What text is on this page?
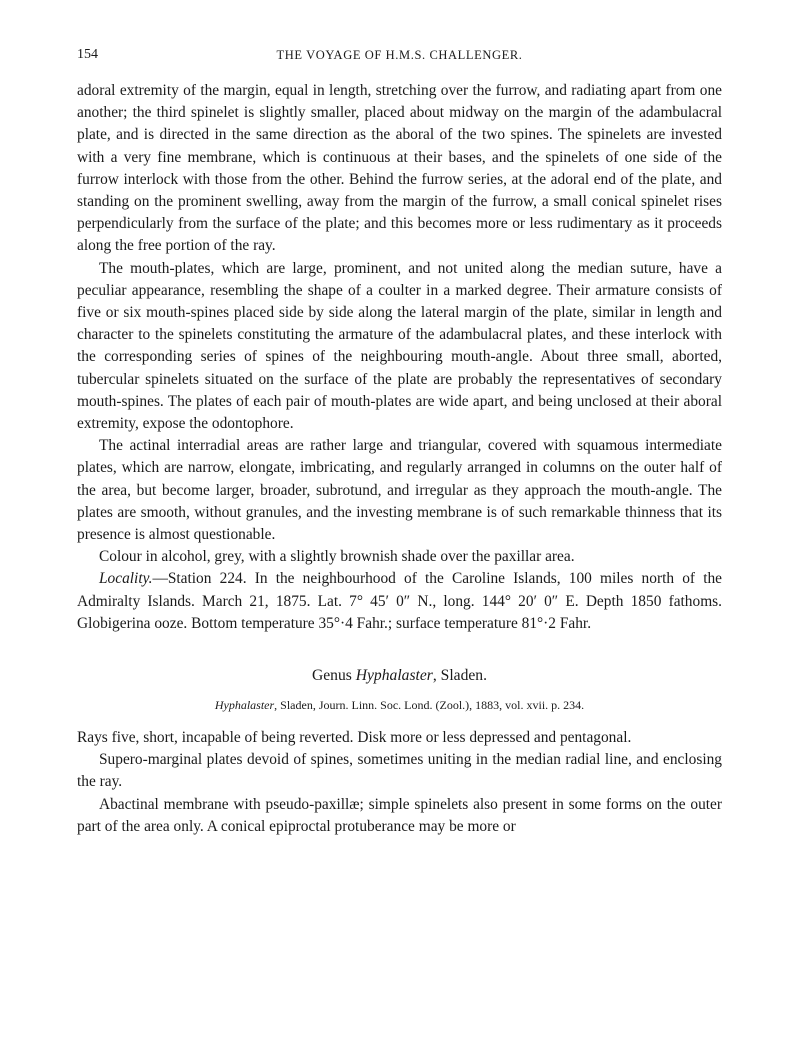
154	THE VOYAGE OF H.M.S. CHALLENGER.

adoral extremity of the margin, equal in length, stretching over the furrow, and radiating apart from one another; the third spinelet is slightly smaller, placed about midway on the margin of the adambulacral plate, and is directed in the same direction as the aboral of the two spines. The spinelets are invested with a very fine membrane, which is continuous at their bases, and the spinelets of one side of the furrow interlock with those from the other. Behind the furrow series, at the adoral end of the plate, and standing on the prominent swelling, away from the margin of the furrow, a small conical spinelet rises perpendicularly from the surface of the plate; and this becomes more or less rudimentary as it proceeds along the free portion of the ray.

The mouth-plates, which are large, prominent, and not united along the median suture, have a peculiar appearance, resembling the shape of a coulter in a marked degree. Their armature consists of five or six mouth-spines placed side by side along the lateral margin of the plate, similar in length and character to the spinelets constituting the armature of the adambulacral plates, and these interlock with the corresponding series of spines of the neighbouring mouth-angle. About three small, aborted, tubercular spinelets situated on the surface of the plate are probably the representatives of secondary mouth-spines. The plates of each pair of mouth-plates are wide apart, and being unclosed at their aboral extremity, expose the odontophore.

The actinal interradial areas are rather large and triangular, covered with squamous intermediate plates, which are narrow, elongate, imbricating, and regularly arranged in columns on the outer half of the area, but become larger, broader, subrotund, and irregular as they approach the mouth-angle. The plates are smooth, without granules, and the investing membrane is of such remarkable thinness that its presence is almost questionable.

Colour in alcohol, grey, with a slightly brownish shade over the paxillar area.

Locality.—Station 224. In the neighbourhood of the Caroline Islands, 100 miles north of the Admiralty Islands. March 21, 1875. Lat. 7° 45′ 0″ N., long. 144° 20′ 0″ E. Depth 1850 fathoms. Globigerina ooze. Bottom temperature 35°·4 Fahr.; surface temperature 81°·2 Fahr.

Genus Hyphalaster, Sladen.
Hyphalaster, Sladen, Journ. Linn. Soc. Lond. (Zool.), 1883, vol. xvii. p. 234.

Rays five, short, incapable of being reverted. Disk more or less depressed and pentagonal.

Supero-marginal plates devoid of spines, sometimes uniting in the median radial line, and enclosing the ray.

Abactinal membrane with pseudo-paxillæ; simple spinelets also present in some forms on the outer part of the area only. A conical epiproctal protuberance may be more or
